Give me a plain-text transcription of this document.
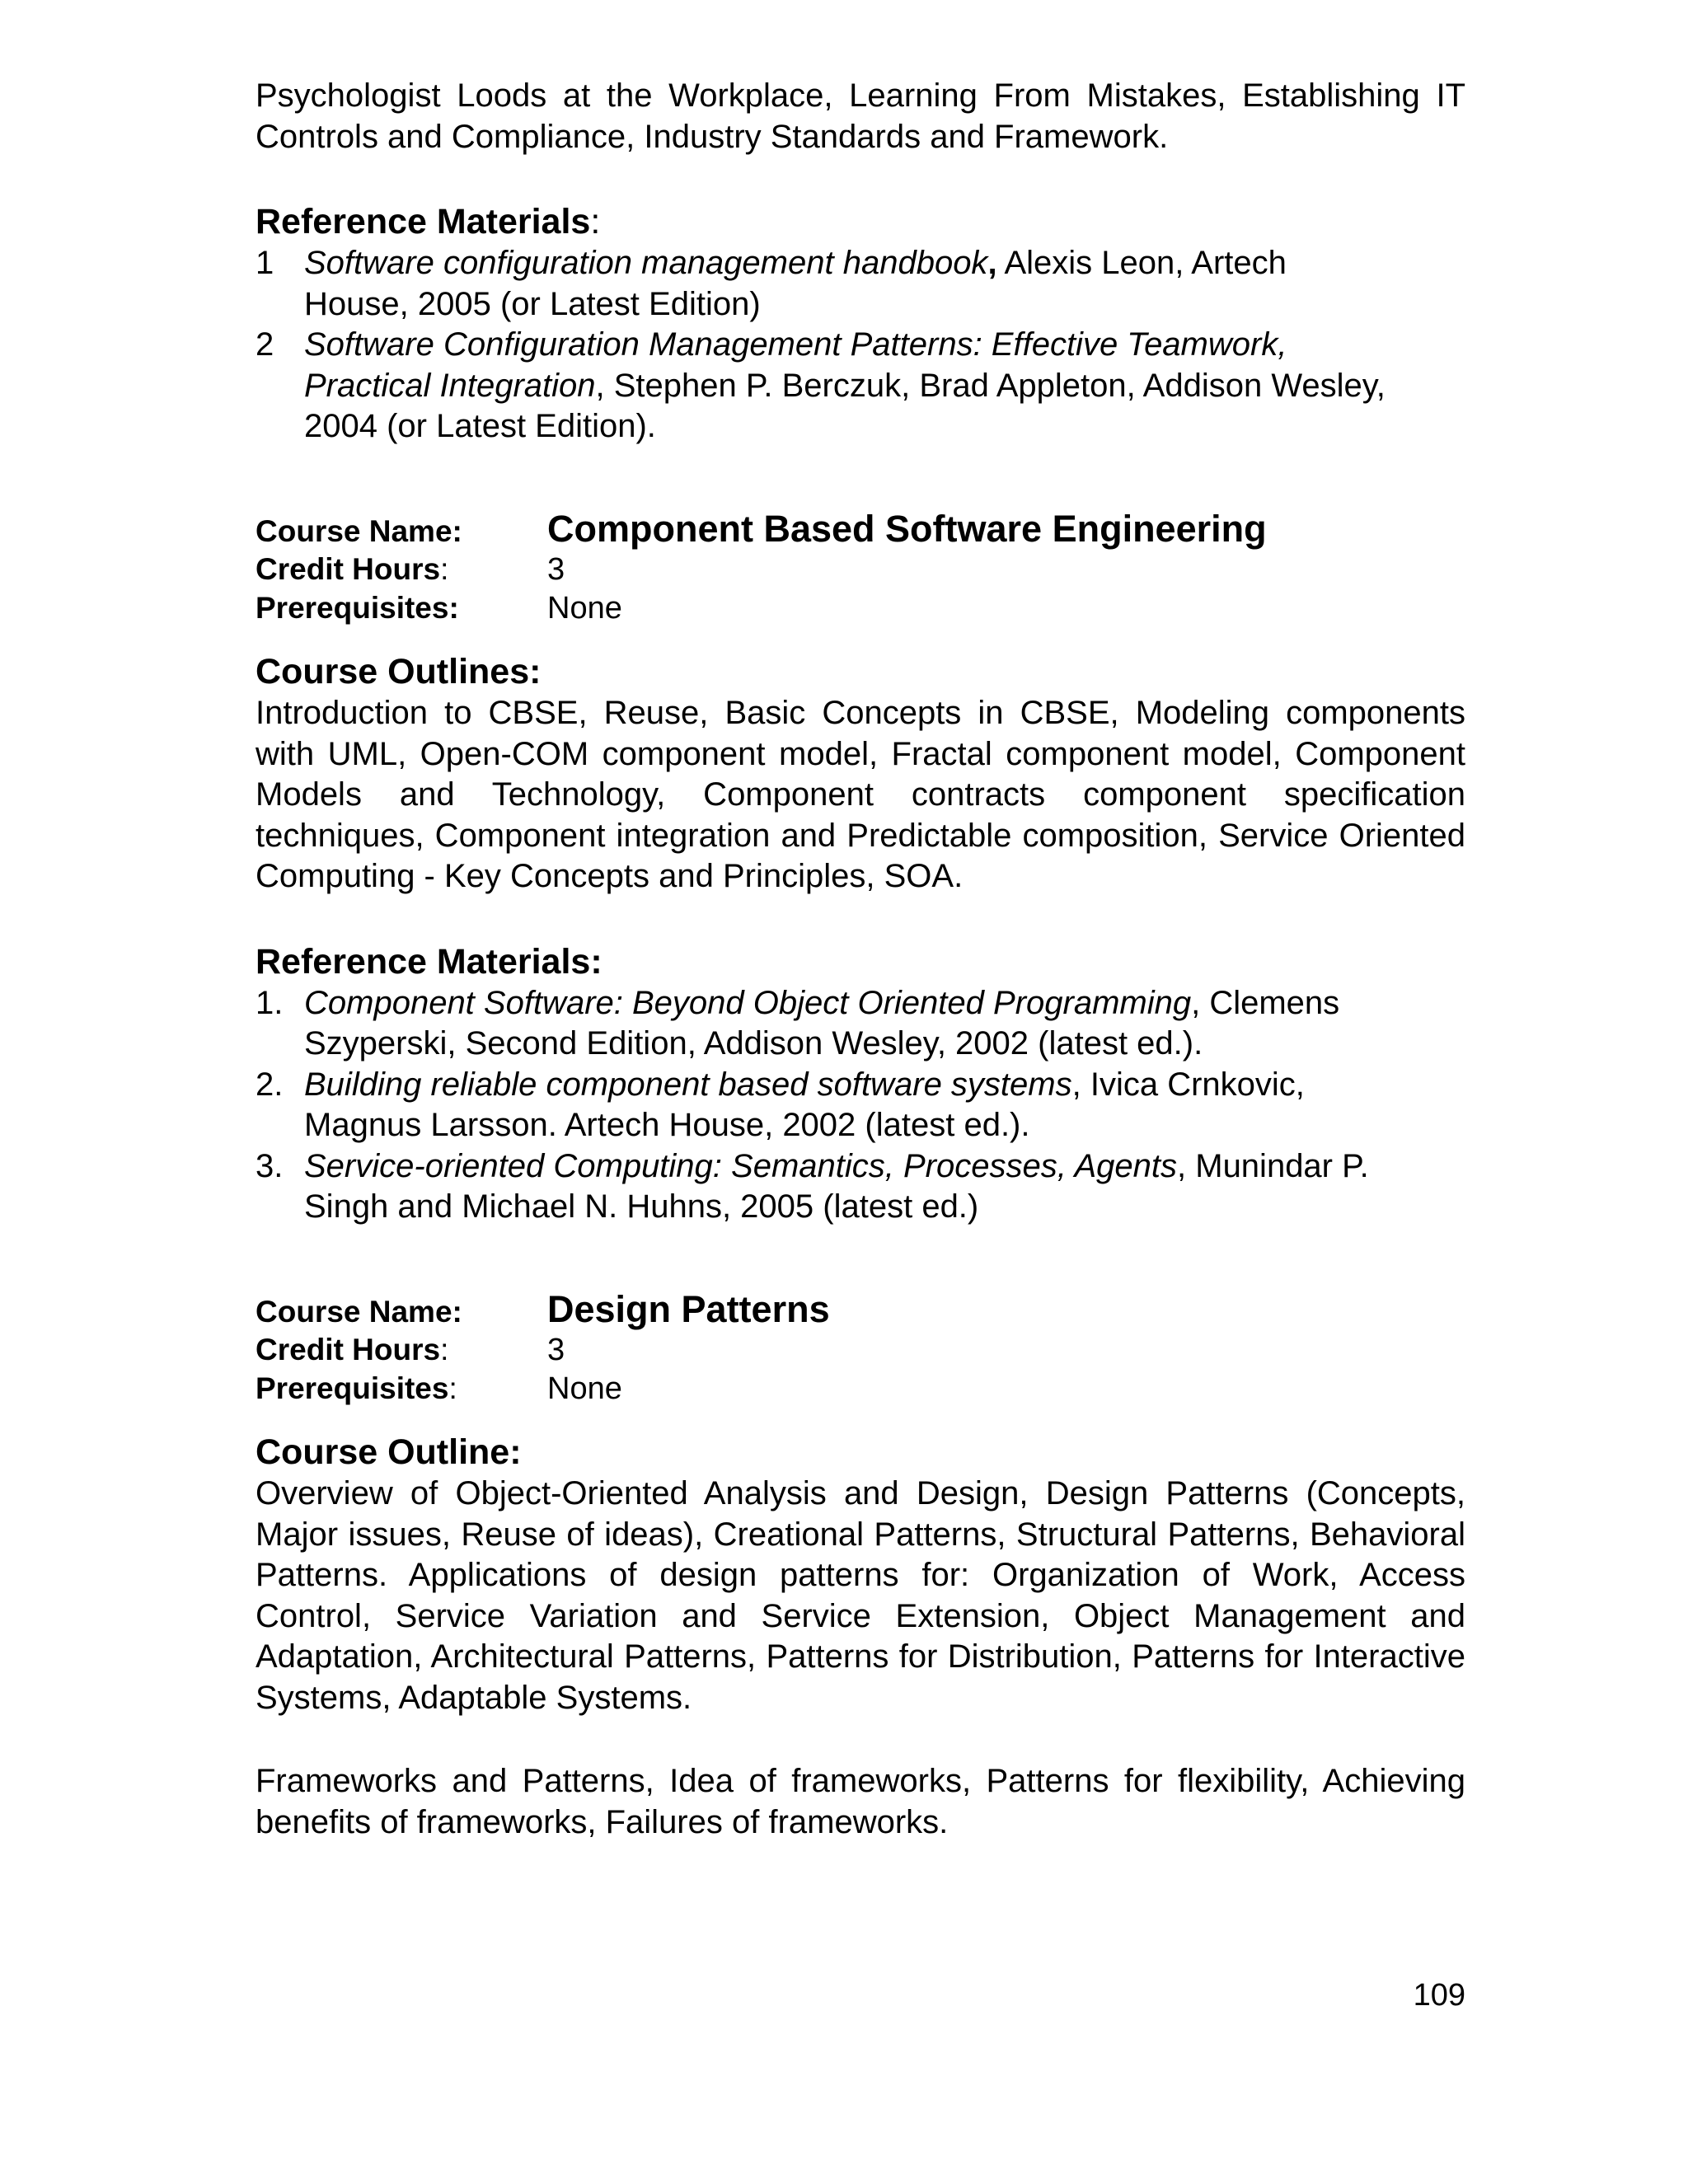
Psychologist Loods at the Workplace, Learning From Mistakes, Establishing IT Controls and Compliance, Industry Standards and Framework.

Reference Materials:
1 Software configuration management handbook, Alexis Leon, Artech House, 2005 (or Latest Edition)
2 Software Configuration Management Patterns: Effective Teamwork, Practical Integration, Stephen P. Berczuk, Brad Appleton, Addison Wesley, 2004 (or Latest Edition).
Course Name:	Component Based Software Engineering
Credit Hours:	3
Prerequisites:	None
Course Outlines:

Introduction to CBSE, Reuse, Basic Concepts in CBSE, Modeling components with UML, Open-COM component model, Fractal component model, Component Models and Technology, Component contracts component specification techniques, Component integration and Predictable composition, Service Oriented Computing - Key Concepts and Principles, SOA.

Reference Materials:
1. Component Software: Beyond Object Oriented Programming, Clemens Szyperski, Second Edition, Addison Wesley, 2002 (latest ed.).
2. Building reliable component based software systems, Ivica Crnkovic, Magnus Larsson. Artech House, 2002 (latest ed.).
3. Service-oriented Computing: Semantics, Processes, Agents, Munindar P. Singh and Michael N. Huhns, 2005 (latest ed.)
Course Name:	Design Patterns
Credit Hours:	3
Prerequisites:	None
Course Outline:

Overview of Object-Oriented Analysis and Design, Design Patterns (Concepts, Major issues, Reuse of ideas), Creational Patterns, Structural Patterns, Behavioral Patterns. Applications of design patterns for: Organization of Work, Access Control, Service Variation and Service Extension, Object Management and Adaptation, Architectural Patterns, Patterns for Distribution, Patterns for Interactive Systems, Adaptable Systems.

Frameworks and Patterns, Idea of frameworks, Patterns for flexibility, Achieving benefits of frameworks, Failures of frameworks.

109
